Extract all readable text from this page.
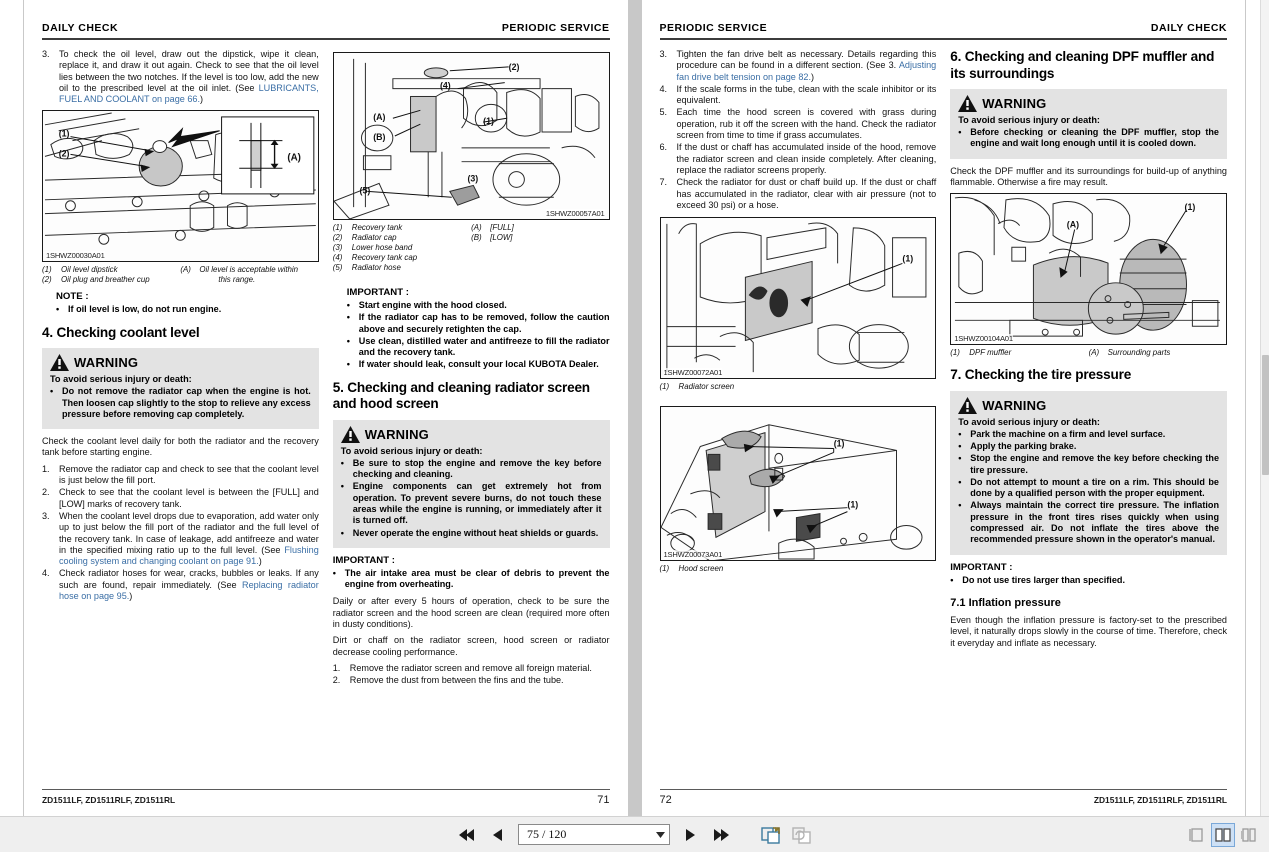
DAILY CHECK	PERIODIC SERVICE
3. To check the oil level, draw out the dipstick, wipe it clean, replace it, and draw it out again. Check to see that the oil level lies between the two notches. If the level is too low, add the new oil to the prescribed level at the oil inlet. (See LUBRICANTS, FUEL AND COOLANT on page 66.)
(A)
(1)
(2)
1SHWZ00030A01
(1) Oil level dipstick
(2) Oil plug and breather cup
(A) Oil level is acceptable within
this range.
NOTE :
• If oil level is low, do not run engine.
4. Checking coolant level
WARNING
To avoid serious injury or death:
• Do not remove the radiator cap when the engine is hot. Then loosen cap slightly to the stop to relieve any excess pressure before removing cap completely.

Check the coolant level daily for both the radiator and the recovery tank before starting engine.

1. Remove the radiator cap and check to see that the coolant level is just below the fill port.
2. Check to see that the coolant level is between the [FULL] and [LOW] marks of recovery tank.
3. When the coolant level drops due to evaporation, add water only up to just below the fill port of the radiator and the full level of the recovery tank. In case of leakage, add antifreeze and water in the specified mixing ratio up to the full level. (See Flushing cooling system and changing coolant on page 91.)
4. Check radiator hoses for wear, cracks, bubbles or leaks. If any such are found, repair immediately. (See Replacing radiator hose on page 95.)
(2)
(4)
(1)
(A)
(B)
(3)
(5)
1SHWZ00057A01
(1) Recovery tank
(2) Radiator cap
(3) Lower hose band
(4) Recovery tank cap
(5) Radiator hose
(A) [FULL]
(B) [LOW]
IMPORTANT :
• Start engine with the hood closed.
• If the radiator cap has to be removed, follow the caution above and securely retighten the cap.
• Use clean, distilled water and antifreeze to fill the radiator and the recovery tank.
• If water should leak, consult your local KUBOTA Dealer.
5. Checking and cleaning radiator screen and hood screen
WARNING
To avoid serious injury or death:
• Be sure to stop the engine and remove the key before checking and cleaning.
• Engine components can get extremely hot from operation. To prevent severe burns, do not touch these areas while the engine is running, or immediately after it is turned off.
• Never operate the engine without heat shields or guards.
IMPORTANT :
• The air intake area must be clear of debris to prevent the engine from overheating.

Daily or after every 5 hours of operation, check to be sure the radiator screen and the hood screen are clean (required more often in dusty conditions).

Dirt or chaff on the radiator screen, hood screen or radiator decrease cooling performance.

1. Remove the radiator screen and remove all foreign material.
2. Remove the dust from between the fins and the tube.
ZD1511LF, ZD1511RLF, ZD1511RL	71
PERIODIC SERVICE	DAILY CHECK
3. Tighten the fan drive belt as necessary. Details regarding this procedure can be found in a different section. (See 3. Adjusting fan drive belt tension on page 82.)
4. If the scale forms in the tube, clean with the scale inhibitor or its equivalent.
5. Each time the hood screen is covered with grass during operation, rub it off the screen with the hand. Check the radiator screen from time to time if grass accumulates.
6. If the dust or chaff has accumulated inside of the hood, remove the radiator screen and clean inside completely. After cleaning, replace the radiator screens properly.
7. Check the radiator for dust or chaff build up. If the dust or chaff has accumulated in the radiator, clear with air pressure (not to exceed 30 psi) or a hose.
(1)
1SHWZ00072A01
(1) Radiator screen
(1)
(1)
1SHWZ00073A01
(1) Hood screen
6. Checking and cleaning DPF muffler and its surroundings
WARNING
To avoid serious injury or death:
• Before checking or cleaning the DPF muffler, stop the engine and wait long enough until it is cooled down.

Check the DPF muffler and its surroundings for build-up of anything flammable. Otherwise a fire may result.

(A)
(1)
1SHWZ00104A01
(1) DPF muffler	(A) Surrounding parts
7. Checking the tire pressure
WARNING
To avoid serious injury or death:
• Park the machine on a firm and level surface.
• Apply the parking brake.
• Stop the engine and remove the key before checking the tire pressure.
• Do not attempt to mount a tire on a rim. This should be done by a qualified person with the proper equipment.
• Always maintain the correct tire pressure. The inflation pressure in the front tires rises quickly when using compressed air. Do not inflate the tires above the recommended pressure shown in the operator's manual.
IMPORTANT :
• Do not use tires larger than specified.
7.1 Inflation pressure

Even though the inflation pressure is factory-set to the prescribed level, it naturally drops slowly in the course of time. Therefore, check it everyday and inflate as necessary.

72	ZD1511LF, ZD1511RLF, ZD1511RL
75 / 120
